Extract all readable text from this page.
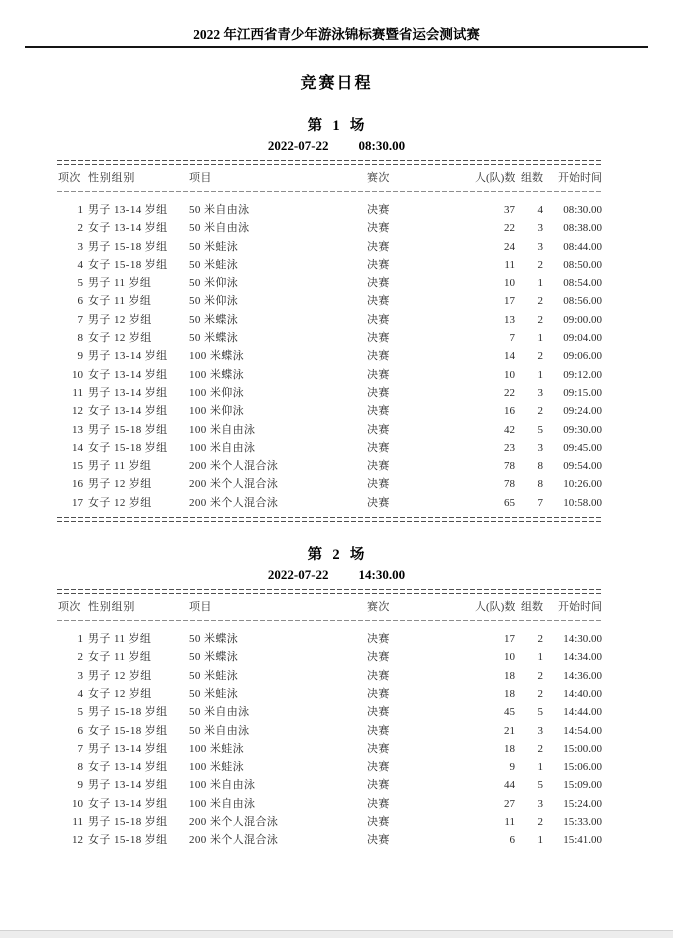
2022 年江西省青少年游泳锦标赛暨省运会测试赛
竞赛日程
第  1  场
2022-07-22 08:30.00
项次 性别组别	项目	赛次	人(队)数 组数	开始时间
1 男子 13-14 岁组	50 米自由泳	决赛	37	4	08:30.00
2 女子 13-14 岁组	50 米自由泳	决赛	22	3	08:38.00
3 男子 15-18 岁组	50 米蛙泳	决赛	24	3	08:44.00
4 女子 15-18 岁组	50 米蛙泳	决赛	11	2	08:50.00
5 男子 11 岁组	50 米仰泳	决赛	10	1	08:54.00
6 女子 11 岁组	50 米仰泳	决赛	17	2	08:56.00
7 男子 12 岁组	50 米蝶泳	决赛	13	2	09:00.00
8 女子 12 岁组	50 米蝶泳	决赛	7	1	09:04.00
9 男子 13-14 岁组	100 米蝶泳	决赛	14	2	09:06.00
10 女子 13-14 岁组	100 米蝶泳	决赛	10	1	09:12.00
11 男子 13-14 岁组	100 米仰泳	决赛	22	3	09:15.00
12 女子 13-14 岁组	100 米仰泳	决赛	16	2	09:24.00
13 男子 15-18 岁组	100 米自由泳	决赛	42	5	09:30.00
14 女子 15-18 岁组	100 米自由泳	决赛	23	3	09:45.00
15 男子 11 岁组	200 米个人混合泳	决赛	78	8	09:54.00
16 男子 12 岁组	200 米个人混合泳	决赛	78	8	10:26.00
17 女子 12 岁组	200 米个人混合泳	决赛	65	7	10:58.00
第  2  场
2022-07-22 14:30.00
项次 性别组别	项目	赛次	人(队)数 组数	开始时间
1 男子 11 岁组	50 米蝶泳	决赛	17	2	14:30.00
2 女子 11 岁组	50 米蝶泳	决赛	10	1	14:34.00
3 男子 12 岁组	50 米蛙泳	决赛	18	2	14:36.00
4 女子 12 岁组	50 米蛙泳	决赛	18	2	14:40.00
5 男子 15-18 岁组	50 米自由泳	决赛	45	5	14:44.00
6 女子 15-18 岁组	50 米自由泳	决赛	21	3	14:54.00
7 男子 13-14 岁组	100 米蛙泳	决赛	18	2	15:00.00
8 女子 13-14 岁组	100 米蛙泳	决赛	9	1	15:06.00
9 男子 13-14 岁组	100 米自由泳	决赛	44	5	15:09.00
10 女子 13-14 岁组	100 米自由泳	决赛	27	3	15:24.00
11 男子 15-18 岁组	200 米个人混合泳	决赛	11	2	15:33.00
12 女子 15-18 岁组	200 米个人混合泳	决赛	6	1	15:41.00
